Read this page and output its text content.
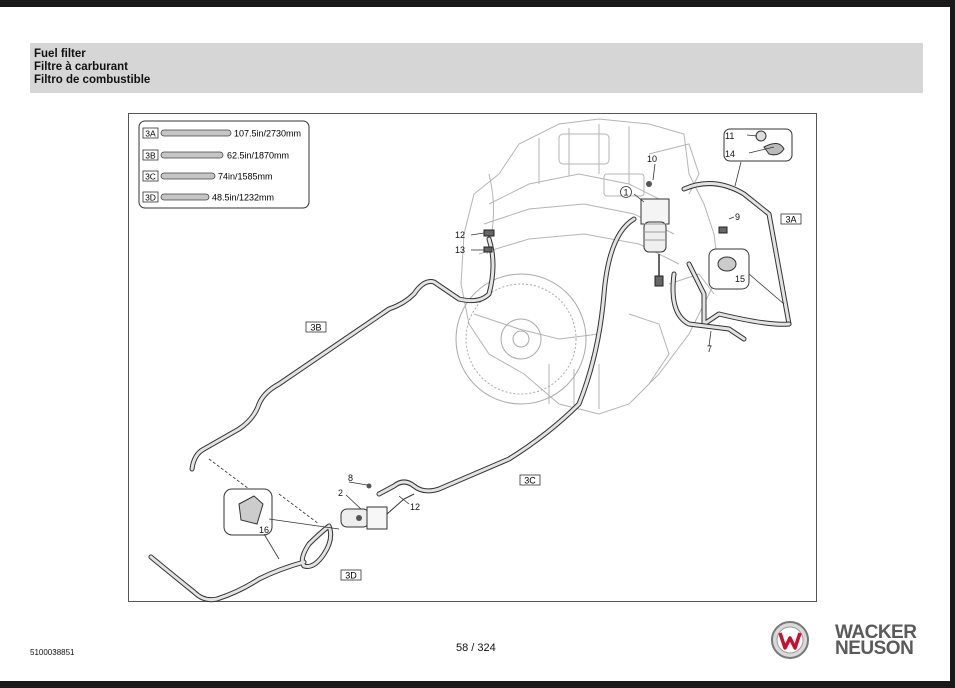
Fuel filter
Filtre à carburant
Filtro de combustible
3A	107.5in/2730mm
3B	62.5in/1870mm
3C	74in/1585mm
3D	48.5in/1232mm
11
14
10
1
9
15
7
12
13
8
2
12
16
3A
3B
3C
3D
5100038851	58 / 324
WACKER
NEUSON
